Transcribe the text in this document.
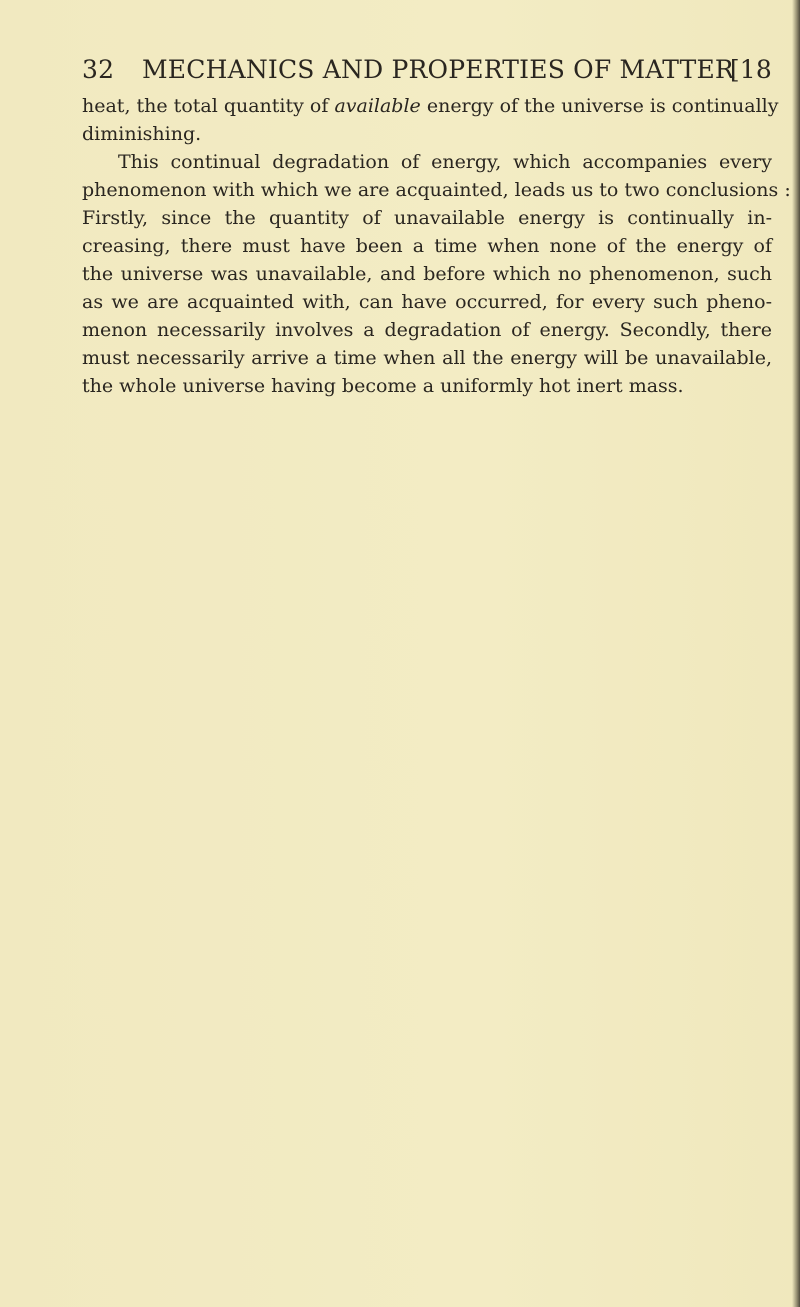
32 MECHANICS AND PROPERTIES OF MATTER
[18
heat, the total quantity of available energy of the universe is continually
diminishing.
This continual degradation of energy, which accompanies every
phenomenon with which we are acquainted, leads us to two conclusions :
Firstly, since the quantity of unavailable energy is continually in-
creasing, there must have been a time when none of the energy of
the universe was unavailable, and before which no phenomenon, such
as we are acquainted with, can have occurred, for every such pheno-
menon necessarily involves a degradation of energy. Secondly, there
must necessarily arrive a time when all the energy will be unavailable,
the whole universe having become a uniformly hot inert mass.
